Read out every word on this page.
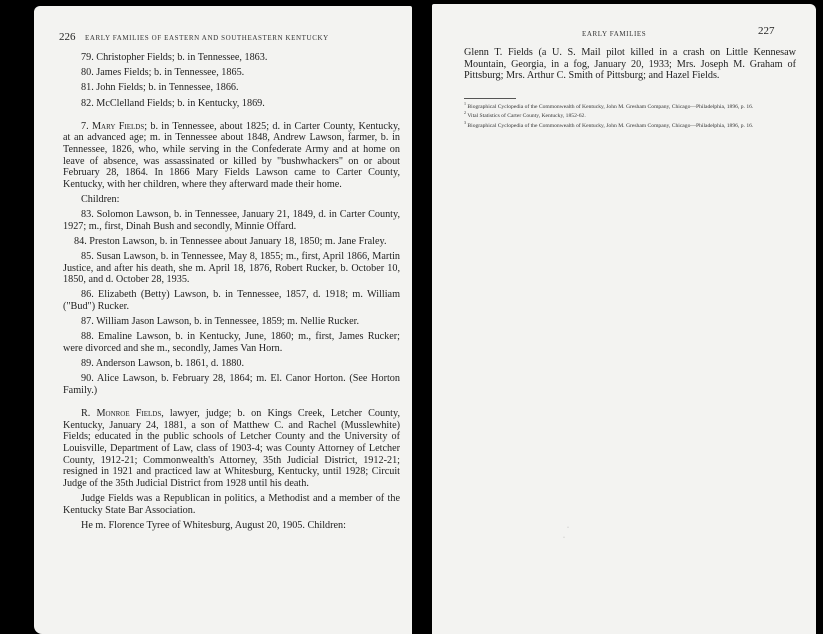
226 EARLY FAMILIES OF EASTERN AND SOUTHEASTERN KENTUCKY

79. Christopher Fields; b. in Tennessee, 1863.

80. James Fields; b. in Tennessee, 1865.

81. John Fields; b. in Tennessee, 1866.

82. McClelland Fields; b. in Kentucky, 1869.

7. Mary Fields; b. in Tennessee, about 1825; d. in Carter County, Kentucky, at an advanced age; m. in Tennessee about 1848, Andrew Lawson, farmer, b. in Tennessee, 1826, who, while serving in the Confederate Army and at home on leave of absence, was assassinated or killed by "bushwhackers" on or about February 28, 1864. In 1866 Mary Fields Lawson came to Carter County, Kentucky, with her children, where they afterward made their home.

Children:

83. Solomon Lawson, b. in Tennessee, January 21, 1849, d. in Carter County, 1927; m., first, Dinah Bush and secondly, Minnie Offard.

84. Preston Lawson, b. in Tennessee about January 18, 1850; m. Jane Fraley.

85. Susan Lawson, b. in Tennessee, May 8, 1855; m., first, April 1866, Martin Justice, and after his death, she m. April 18, 1876, Robert Rucker, b. October 10, 1850, and d. October 28, 1935.

86. Elizabeth (Betty) Lawson, b. in Tennessee, 1857, d. 1918; m. William ("Bud") Rucker.

87. William Jason Lawson, b. in Tennessee, 1859; m. Nellie Rucker.

88. Emaline Lawson, b. in Kentucky, June, 1860; m., first, James Rucker; were divorced and she m., secondly, James Van Horn.

89. Anderson Lawson, b. 1861, d. 1880.

90. Alice Lawson, b. February 28, 1864; m. El. Canor Horton. (See Horton Family.)

R. Monroe Fields, lawyer, judge; b. on Kings Creek, Letcher County, Kentucky, January 24, 1881, a son of Matthew C. and Rachel (Musslewhite) Fields; educated in the public schools of Letcher County and the University of Louisville, Department of Law, class of 1903-4; was County Attorney of Letcher County, 1912-21; Commonwealth's Attorney, 35th Judicial District, 1912-21; resigned in 1921 and practiced law at Whitesburg, Kentucky, until 1928; Circuit Judge of the 35th Judicial District from 1928 until his death.

Judge Fields was a Republican in politics, a Methodist and a member of the Kentucky State Bar Association.

He m. Florence Tyree of Whitesburg, August 20, 1905. Children:

EARLY FAMILIES	227

Glenn T. Fields (a U. S. Mail pilot killed in a crash on Little Kennesaw Mountain, Georgia, in a fog, January 20, 1933; Mrs. Joseph M. Graham of Pittsburg; Mrs. Arthur C. Smith of Pittsburg; and Hazel Fields.

$^1$ Biographical Cyclopedia of the Commonwealth of Kentucky, John M. Gresham Company, Chicago—Philadelphia, 1896, p. 16.

$^2$ Vital Statistics of Carter County, Kentucky, 1852-62.

$^3$ Biographical Cyclopedia of the Commonwealth of Kentucky, John M. Gresham Company, Chicago—Philadelphia, 1896, p. 16.

·
·
